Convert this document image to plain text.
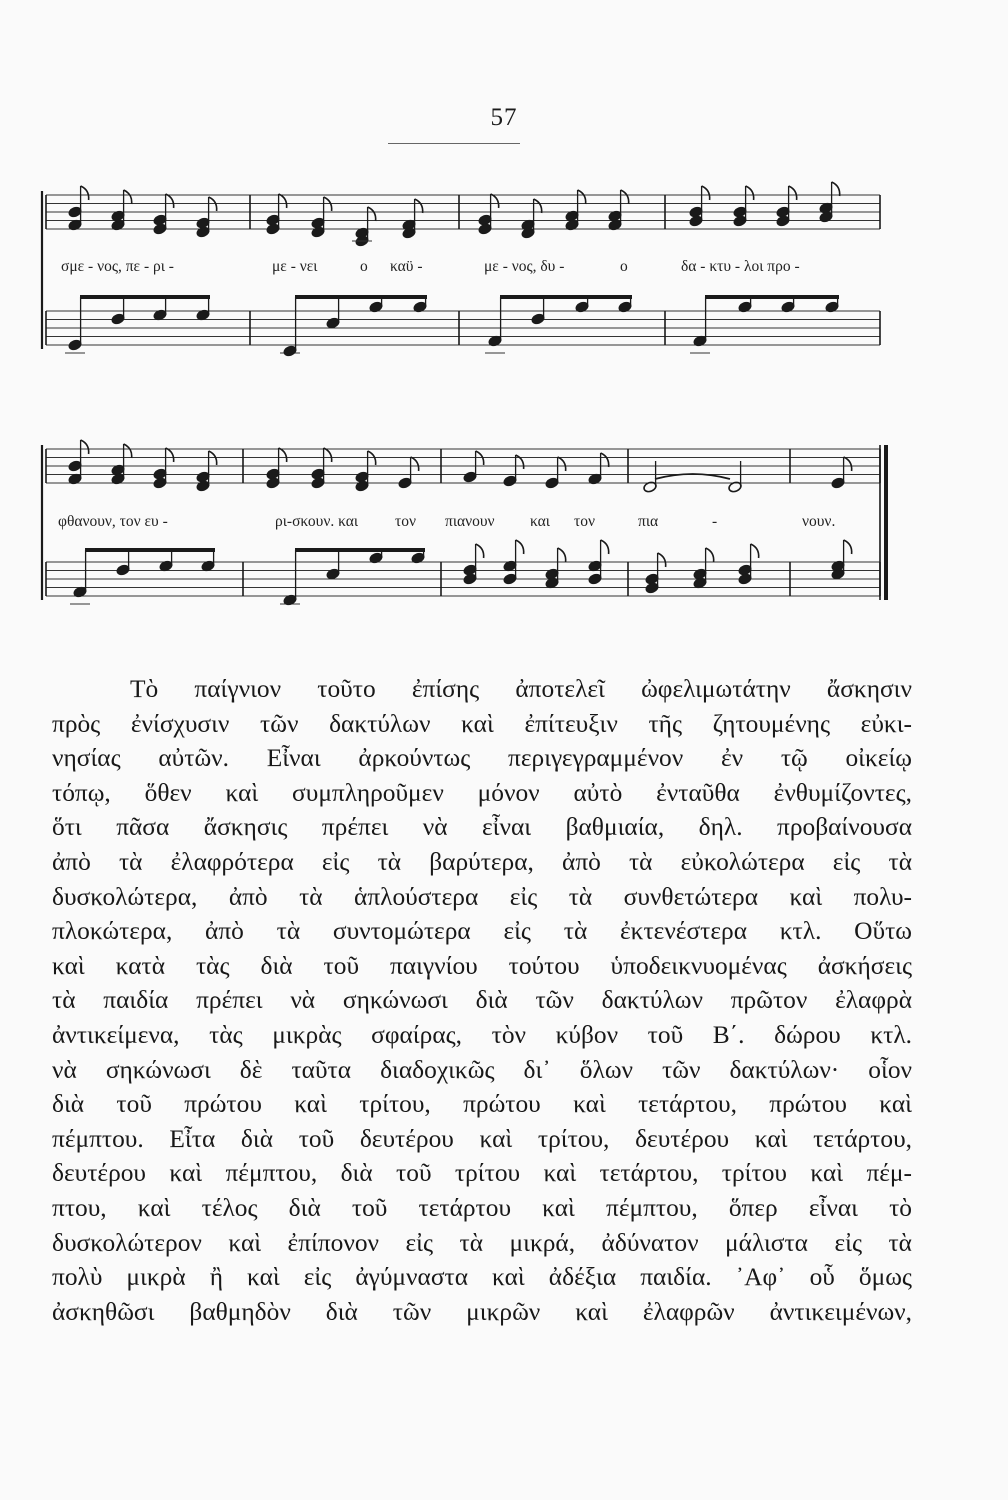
57
σμε - νος, πε - ρι -	με - νει	ο καϋ -	με - νος, δυ -	ο	δα - κτυ - λοι προ -
φθανουν, τον ευ -	ρι-σκουν. και τον πιανουν και τον	πια	-	νουν.
Τὸ παίγνιον τοῦτο ἐπίσης ἀποτελεῖ ὠφελιμωτάτην ἄσκησιν
πρὸς ἐνίσχυσιν τῶν δακτύλων καὶ ἐπίτευξιν τῆς ζητουμένης εὐκι-
νησίας αὐτῶν. Εἶναι ἀρκούντως περιγεγραμμένον ἐν τῷ οἰκείῳ
τόπῳ, ὅθεν καὶ συμπληροῦμεν μόνον αὐτὸ ἐνταῦθα ἐνθυμίζοντες,
ὅτι πᾶσα ἄσκησις πρέπει νὰ εἶναι βαθμιαία, δηλ. προβαίνουσα
ἀπὸ τὰ ἐλαφρότερα εἰς τὰ βαρύτερα, ἀπὸ τὰ εὐκολώτερα εἰς τὰ
δυσκολώτερα, ἀπὸ τὰ ἁπλούστερα εἰς τὰ συνθετώτερα καὶ πολυ-
πλοκώτερα, ἀπὸ τὰ συντομώτερα εἰς τὰ ἐκτενέστερα κτλ. Οὕτω
καὶ κατὰ τὰς διὰ τοῦ παιγνίου τούτου ὑποδεικνυομένας ἀσκήσεις
τὰ παιδία πρέπει νὰ σηκώνωσι διὰ τῶν δακτύλων πρῶτον ἐλαφρὰ
ἀντικείμενα, τὰς μικρὰς σφαίρας, τὸν κύβον τοῦ Β΄. δώρου κτλ.
νὰ σηκώνωσι δὲ ταῦτα διαδοχικῶς δι᾽ ὅλων τῶν δακτύλων· οἷον
διὰ τοῦ πρώτου καὶ τρίτου, πρώτου καὶ τετάρτου, πρώτου καὶ
πέμπτου. Εἶτα διὰ τοῦ δευτέρου καὶ τρίτου, δευτέρου καὶ τετάρτου,
δευτέρου καὶ πέμπτου, διὰ τοῦ τρίτου καὶ τετάρτου, τρίτου καὶ πέμ-
πτου, καὶ τέλος διὰ τοῦ τετάρτου καὶ πέμπτου, ὅπερ εἶναι τὸ
δυσκολώτερον καὶ ἐπίπονον εἰς τὰ μικρά, ἀδύνατον μάλιστα εἰς τὰ
πολὺ μικρὰ ἢ καὶ εἰς ἀγύμναστα καὶ ἀδέξια παιδία. ᾿Αφ᾽ οὗ ὅμως
ἀσκηθῶσι βαθμηδὸν διὰ τῶν μικρῶν καὶ ἐλαφρῶν ἀντικειμένων,
